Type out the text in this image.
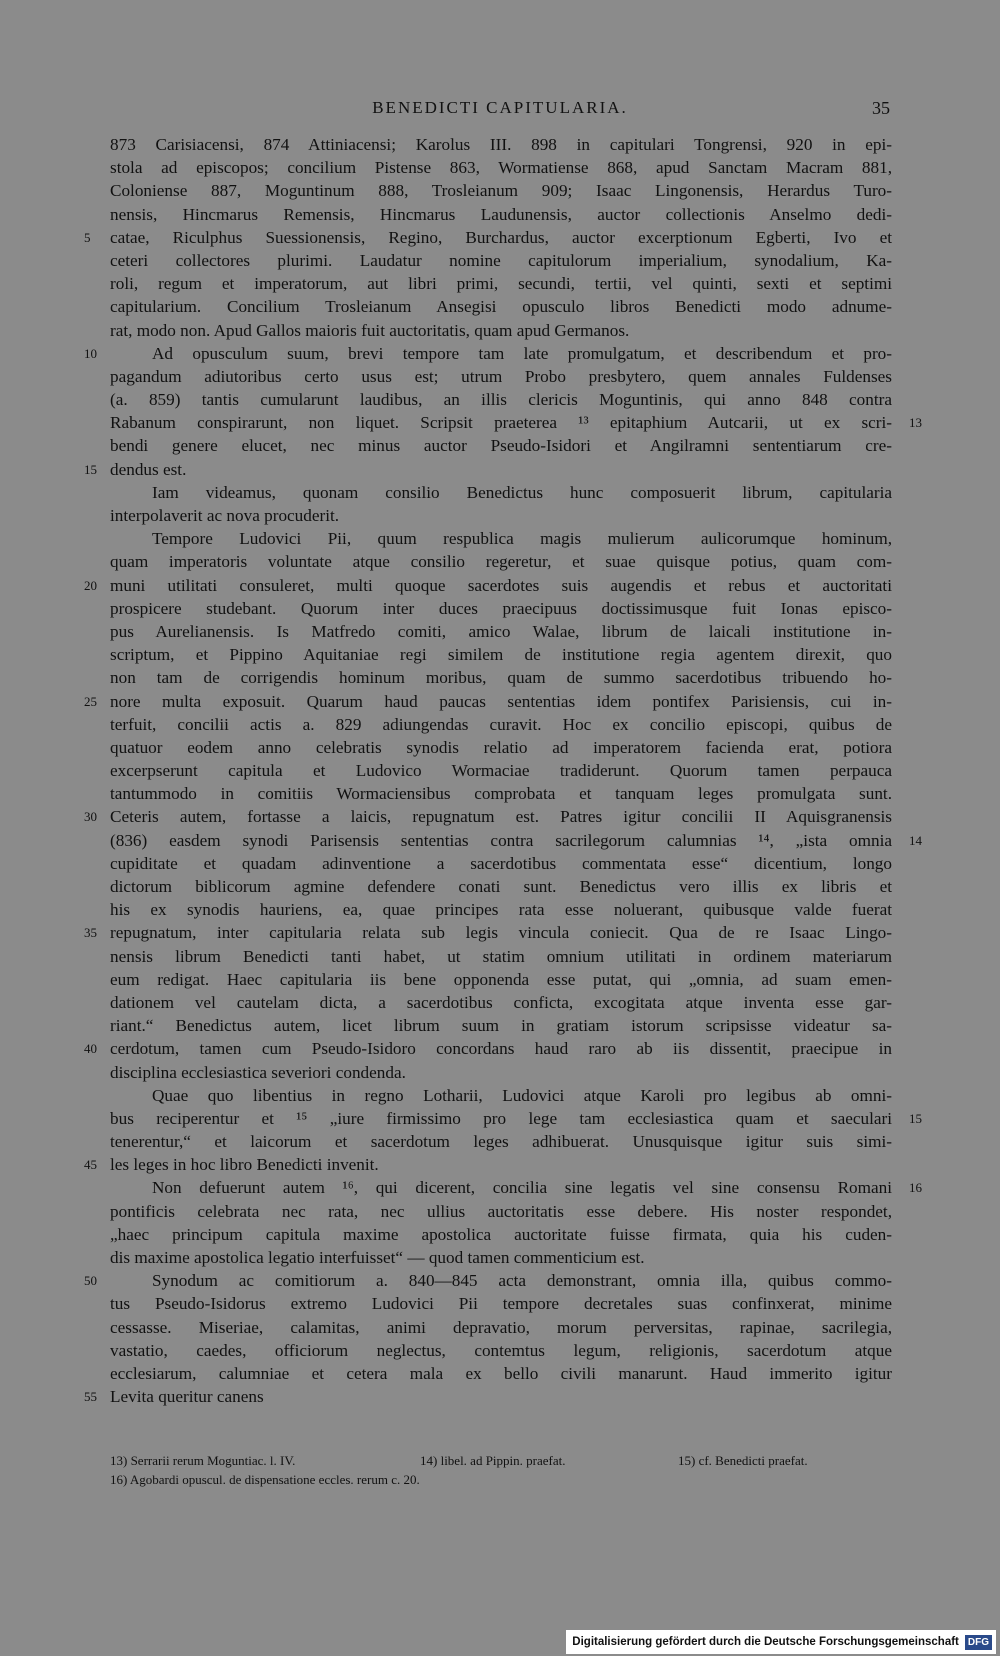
BENEDICTI CAPITULARIA.	35
873 Carisiacensi, 874 Attiniacensi; Karolus III. 898 in capitulari Tongrensi, 920 in epi-
stola ad episcopos; concilium Pistense 863, Wormatiense 868, apud Sanctam Macram 881,
Coloniense 887, Moguntinum 888, Trosleianum 909; Isaac Lingonensis, Herardus Turo-
nensis, Hincmarus Remensis, Hincmarus Laudunensis, auctor collectionis Anselmo dedi-
catae, Riculphus Suessionensis, Regino, Burchardus, auctor excerptionum Egberti, Ivo et
5
ceteri collectores plurimi. Laudatur nomine capitulorum imperialium, synodalium, Ka-
roli, regum et imperatorum, aut libri primi, secundi, tertii, vel quinti, sexti et septimi
capitularium. Concilium Trosleianum Ansegisi opusculo libros Benedicti modo adnume-
rat, modo non. Apud Gallos maioris fuit auctoritatis, quam apud Germanos.
Ad opusculum suum, brevi tempore tam late promulgatum, et describendum et pro-
10
pagandum adiutoribus certo usus est; utrum Probo presbytero, quem annales Fuldenses
(a. 859) tantis cumularunt laudibus, an illis clericis Moguntinis, qui anno 848 contra
Rabanum conspirarunt, non liquet. Scripsit praeterea ¹³ epitaphium Autcarii, ut ex scri- 13
bendi genere elucet, nec minus auctor Pseudo-Isidori et Angilramni sententiarum cre-
dendus est.
15
Iam videamus, quonam consilio Benedictus hunc composuerit librum, capitularia
interpolaverit ac nova procuderit.
Tempore Ludovici Pii, quum respublica magis mulierum aulicorumque hominum,
quam imperatoris voluntate atque consilio regeretur, et suae quisque potius, quam com-
muni utilitati consuleret, multi quoque sacerdotes suis augendis et rebus et auctoritati
20
prospicere studebant. Quorum inter duces praecipuus doctissimusque fuit Ionas episco-
pus Aurelianensis. Is Matfredo comiti, amico Walae, librum de laicali institutione in-
scriptum, et Pippino Aquitaniae regi similem de institutione regia agentem direxit, quo
non tam de corrigendis hominum moribus, quam de summo sacerdotibus tribuendo ho-
nore multa exposuit. Quarum haud paucas sententias idem pontifex Parisiensis, cui in-
25
terfuit, concilii actis a. 829 adiungendas curavit. Hoc ex concilio episcopi, quibus de
quatuor eodem anno celebratis synodis relatio ad imperatorem facienda erat, potiora
excerpserunt capitula et Ludovico Wormaciae tradiderunt. Quorum tamen perpauca
tantummodo in comitiis Wormaciensibus comprobata et tanquam leges promulgata sunt.
Ceteris autem, fortasse a laicis, repugnatum est. Patres igitur concilii II Aquisgranensis
30
(836) easdem synodi Parisensis sententias contra sacrilegorum calumnias ¹⁴, „ista omnia 14
cupiditate et quadam adinventione a sacerdotibus commentata esse“ dicentium, longo
dictorum biblicorum agmine defendere conati sunt. Benedictus vero illis ex libris et
his ex synodis hauriens, ea, quae principes rata esse noluerant, quibusque valde fuerat
repugnatum, inter capitularia relata sub legis vincula coniecit. Qua de re Isaac Lingo-
35
nensis librum Benedicti tanti habet, ut statim omnium utilitati in ordinem materiarum
eum redigat. Haec capitularia iis bene opponenda esse putat, qui „omnia, ad suam emen-
dationem vel cautelam dicta, a sacerdotibus conficta, excogitata atque inventa esse gar-
riant.“ Benedictus autem, licet librum suum in gratiam istorum scripsisse videatur sa-
cerdotum, tamen cum Pseudo-Isidoro concordans haud raro ab iis dissentit, praecipue in
40
disciplina ecclesiastica severiori condenda.
Quae quo libentius in regno Lotharii, Ludovici atque Karoli pro legibus ab omni-
bus reciperentur et ¹⁵ „iure firmissimo pro lege tam ecclesiastica quam et saeculari 15
tenerentur,“ et laicorum et sacerdotum leges adhibuerat. Unusquisque igitur suis simi-
les leges in hoc libro Benedicti invenit.
45
Non defuerunt autem ¹⁶, qui dicerent, concilia sine legatis vel sine consensu Romani 16
pontificis celebrata nec rata, nec ullius auctoritatis esse debere. His noster respondet,
„haec principum capitula maxime apostolica auctoritate fuisse firmata, quia his cuden-
dis maxime apostolica legatio interfuisset“ — quod tamen commenticium est.
Synodum ac comitiorum a. 840—845 acta demonstrant, omnia illa, quibus commo-
50
tus Pseudo-Isidorus extremo Ludovici Pii tempore decretales suas confinxerat, minime
cessasse. Miseriae, calamitas, animi depravatio, morum perversitas, rapinae, sacrilegia,
vastatio, caedes, officiorum neglectus, contemtus legum, religionis, sacerdotum atque
ecclesiarum, calumniae et cetera mala ex bello civili manarunt. Haud immerito igitur
Levita queritur canens
55
13) Serrarii rerum Moguntiac. l. IV.	14) libel. ad Pippin. praefat.	15) cf. Benedicti praefat.
16) Agobardi opuscul. de dispensatione eccles. rerum c. 20.
Digitalisierung gefördert durch die Deutsche Forschungsgemeinschaft DFG
